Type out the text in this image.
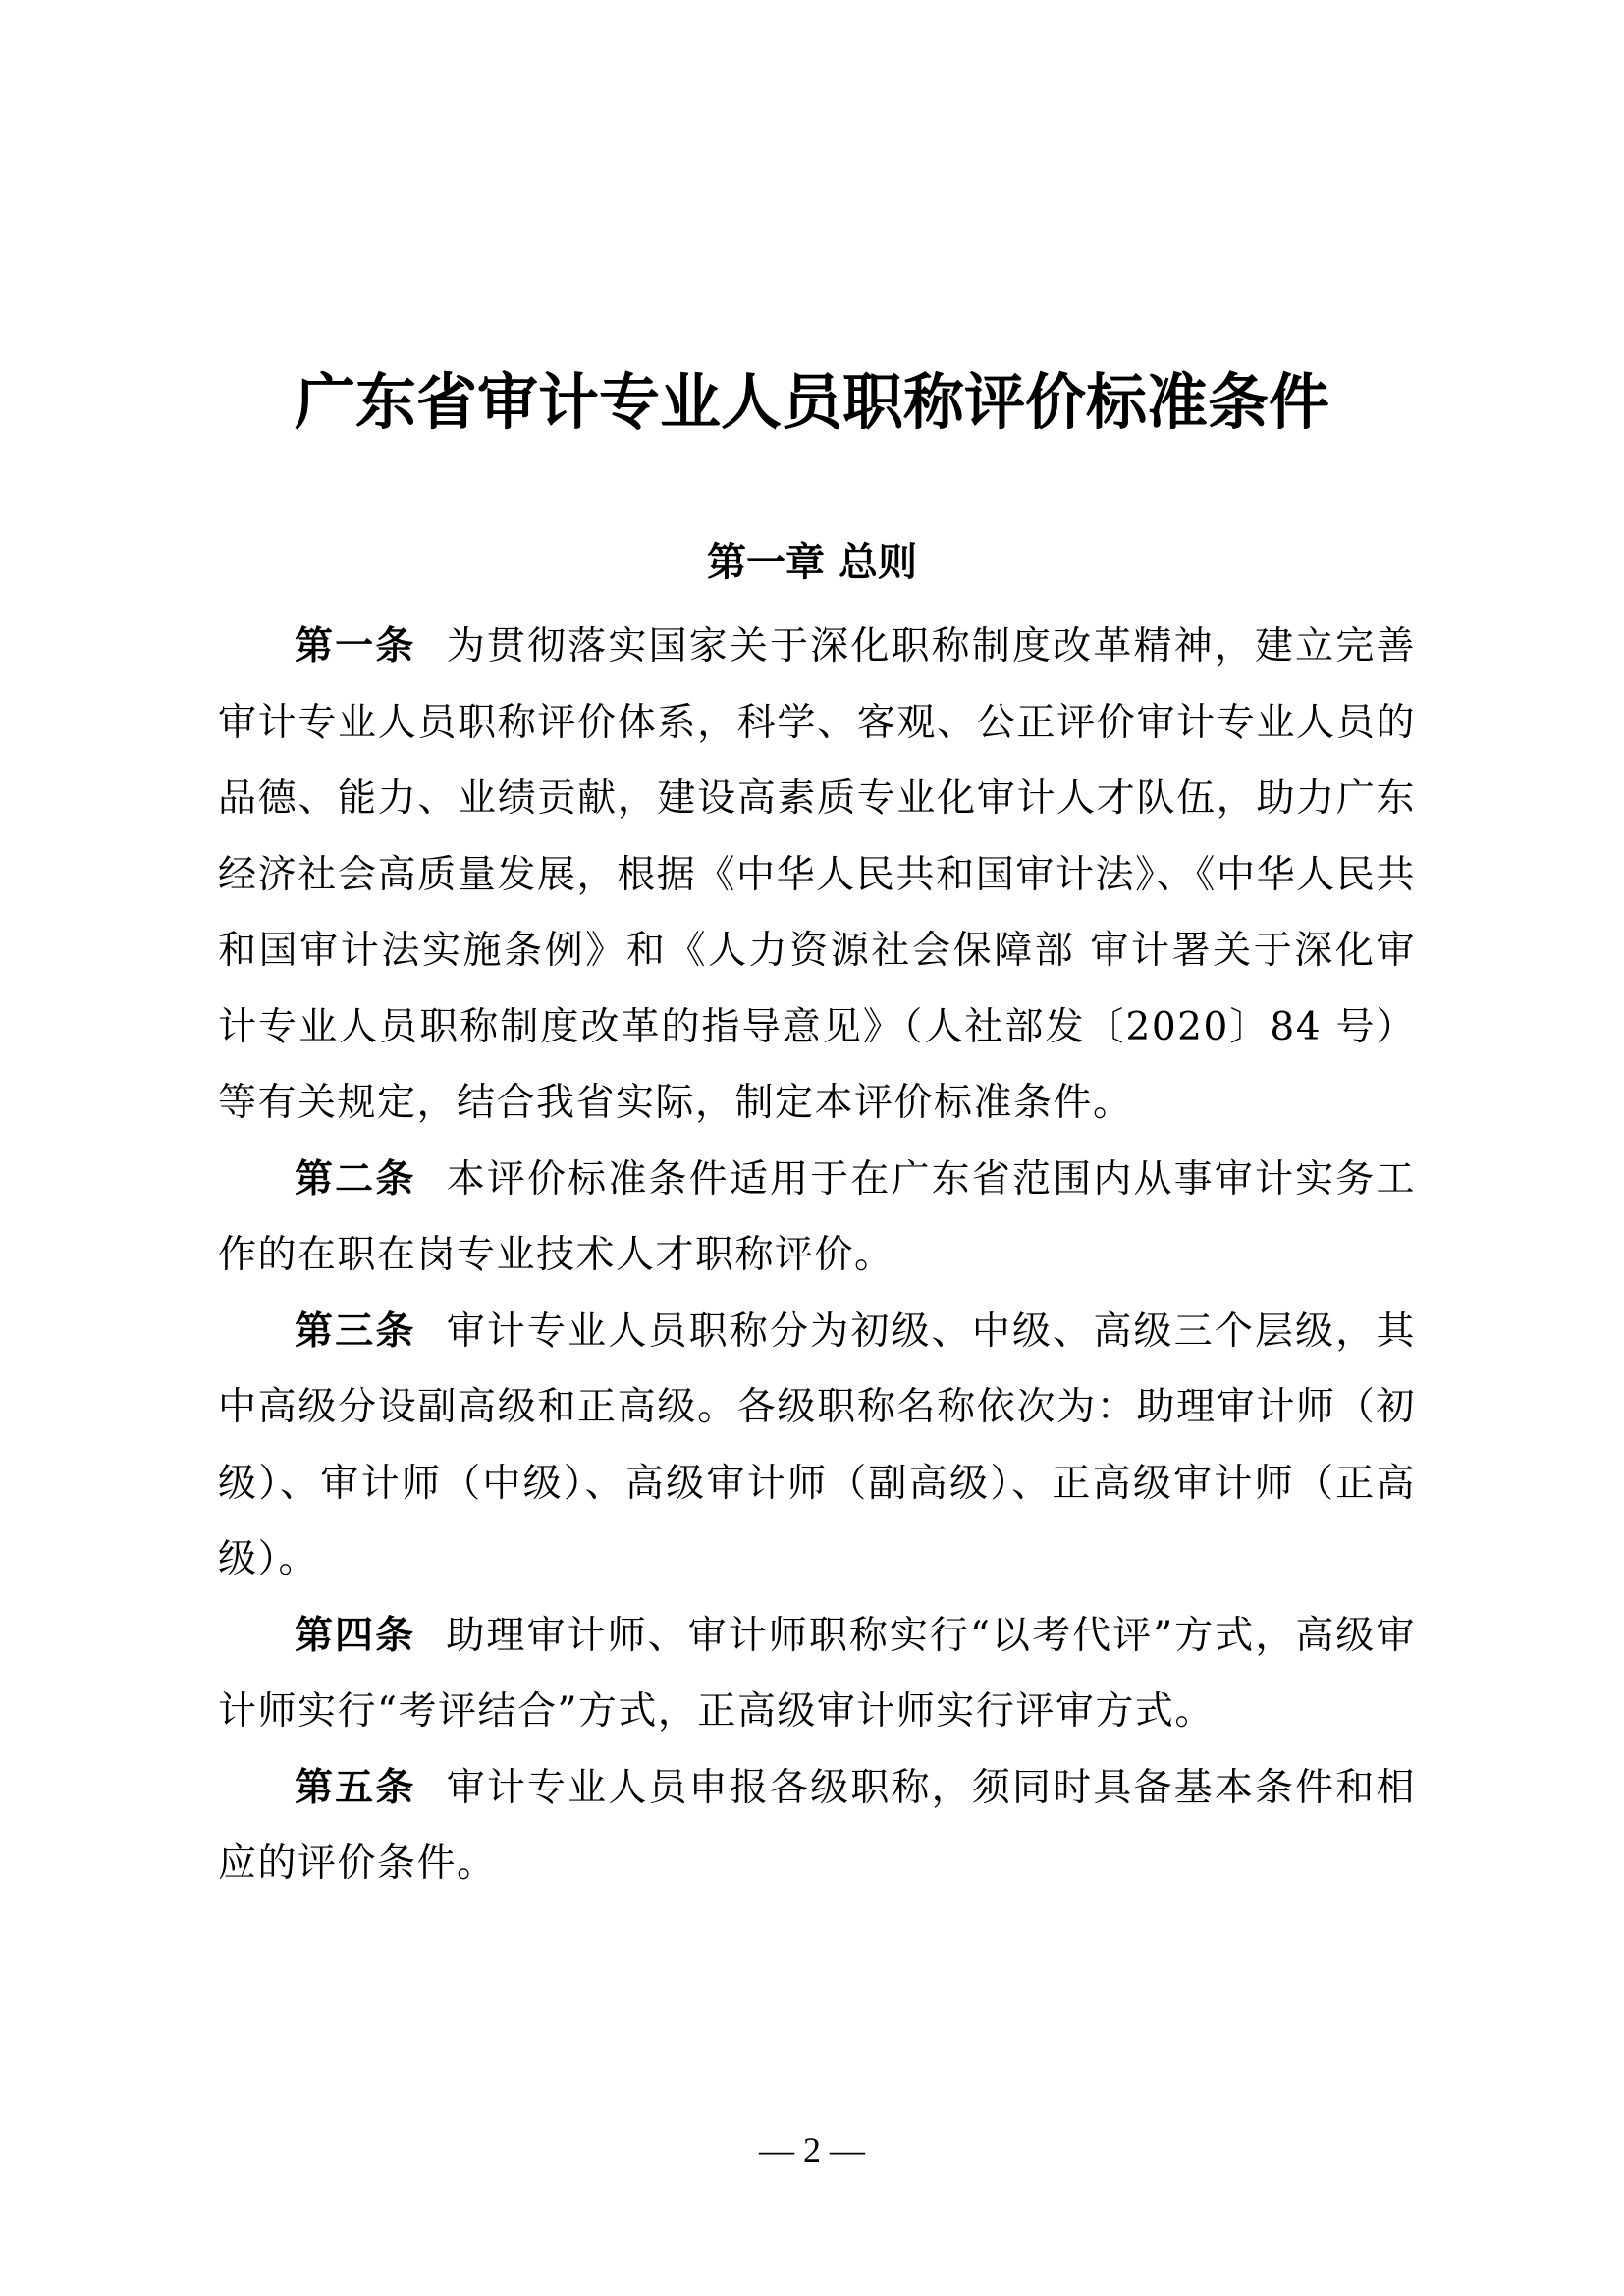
广东省审计专业人员职称评价标准条件
第一章 总则

第一条 为贯彻落实国家关于深化职称制度改革精神，建立完善审计专业人员职称评价体系，科学、客观、公正评价审计专业人员的品德、能力、业绩贡献，建设高素质专业化审计人才队伍，助力广东经济社会高质量发展，根据《中华人民共和国审计法》、《中华人民共和国审计法实施条例》和《人力资源社会保障部 审计署关于深化审计专业人员职称制度改革的指导意见》（人社部发〔2020〕84 号）等有关规定，结合我省实际，制定本评价标准条件。

第二条 本评价标准条件适用于在广东省范围内从事审计实务工作的在职在岗专业技术人才职称评价。

第三条 审计专业人员职称分为初级、中级、高级三个层级，其中高级分设副高级和正高级。各级职称名称依次为：助理审计师（初级）、审计师（中级）、高级审计师（副高级）、正高级审计师（正高级）。

第四条 助理审计师、审计师职称实行“以考代评”方式，高级审计师实行“考评结合”方式，正高级审计师实行评审方式。

第五条 审计专业人员申报各级职称，须同时具备基本条件和相应的评价条件。

— 2 —
